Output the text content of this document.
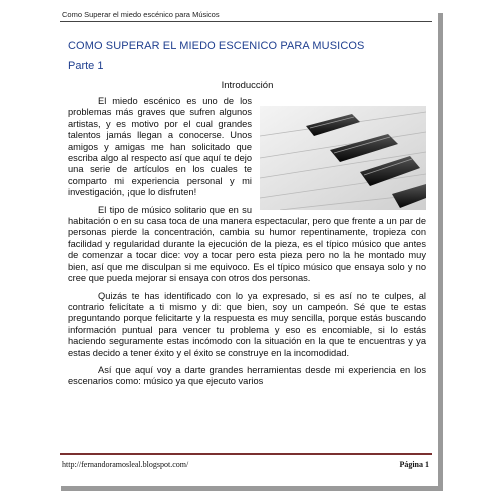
Como Superar el miedo escénico para Músicos
COMO SUPERAR EL MIEDO ESCENICO PARA MUSICOS
Parte 1
Introducción

El miedo escénico es uno de los problemas más graves que sufren algunos artistas, y es motivo por el cual grandes talentos jamás llegan a conocerse. Unos amigos y amigas me han solicitado que escriba algo al respecto así que aquí te dejo una serie de artículos en los cuales te comparto mi experiencia personal y mi investigación, ¡que lo disfruten!

El tipo de músico solitario que en su habitación o en su casa toca de una manera espectacular, pero que frente a un par de personas pierde la concentración, cambia su humor repentinamente, tropieza con facilidad y regularidad durante la ejecución de la pieza, es el típico músico que antes de comenzar a tocar dice: voy a tocar pero esta pieza pero no la he montado muy bien, así que me disculpan si me equivoco. Es el típico músico que ensaya solo y no cree que pueda mejorar si ensaya con otros dos personas.

Quizás te has identificado con lo ya expresado, si es así no te culpes, al contrario felicítate a ti mismo y di: que bien, soy un campeón. Sé que te estas preguntando porque felicitarte y la respuesta es muy sencilla, porque estás buscando información puntual para vencer tu problema y eso es encomiable, si lo estás haciendo seguramente estas incómodo con la situación en la que te encuentras y ya estas decido a tener éxito y el éxito se construye en la incomodidad.

Así que aquí voy a darte grandes herramientas desde mi experiencia en los escenarios como: músico ya que ejecuto varios

http://fernandoramosleal.blogspot.com/	Página 1
